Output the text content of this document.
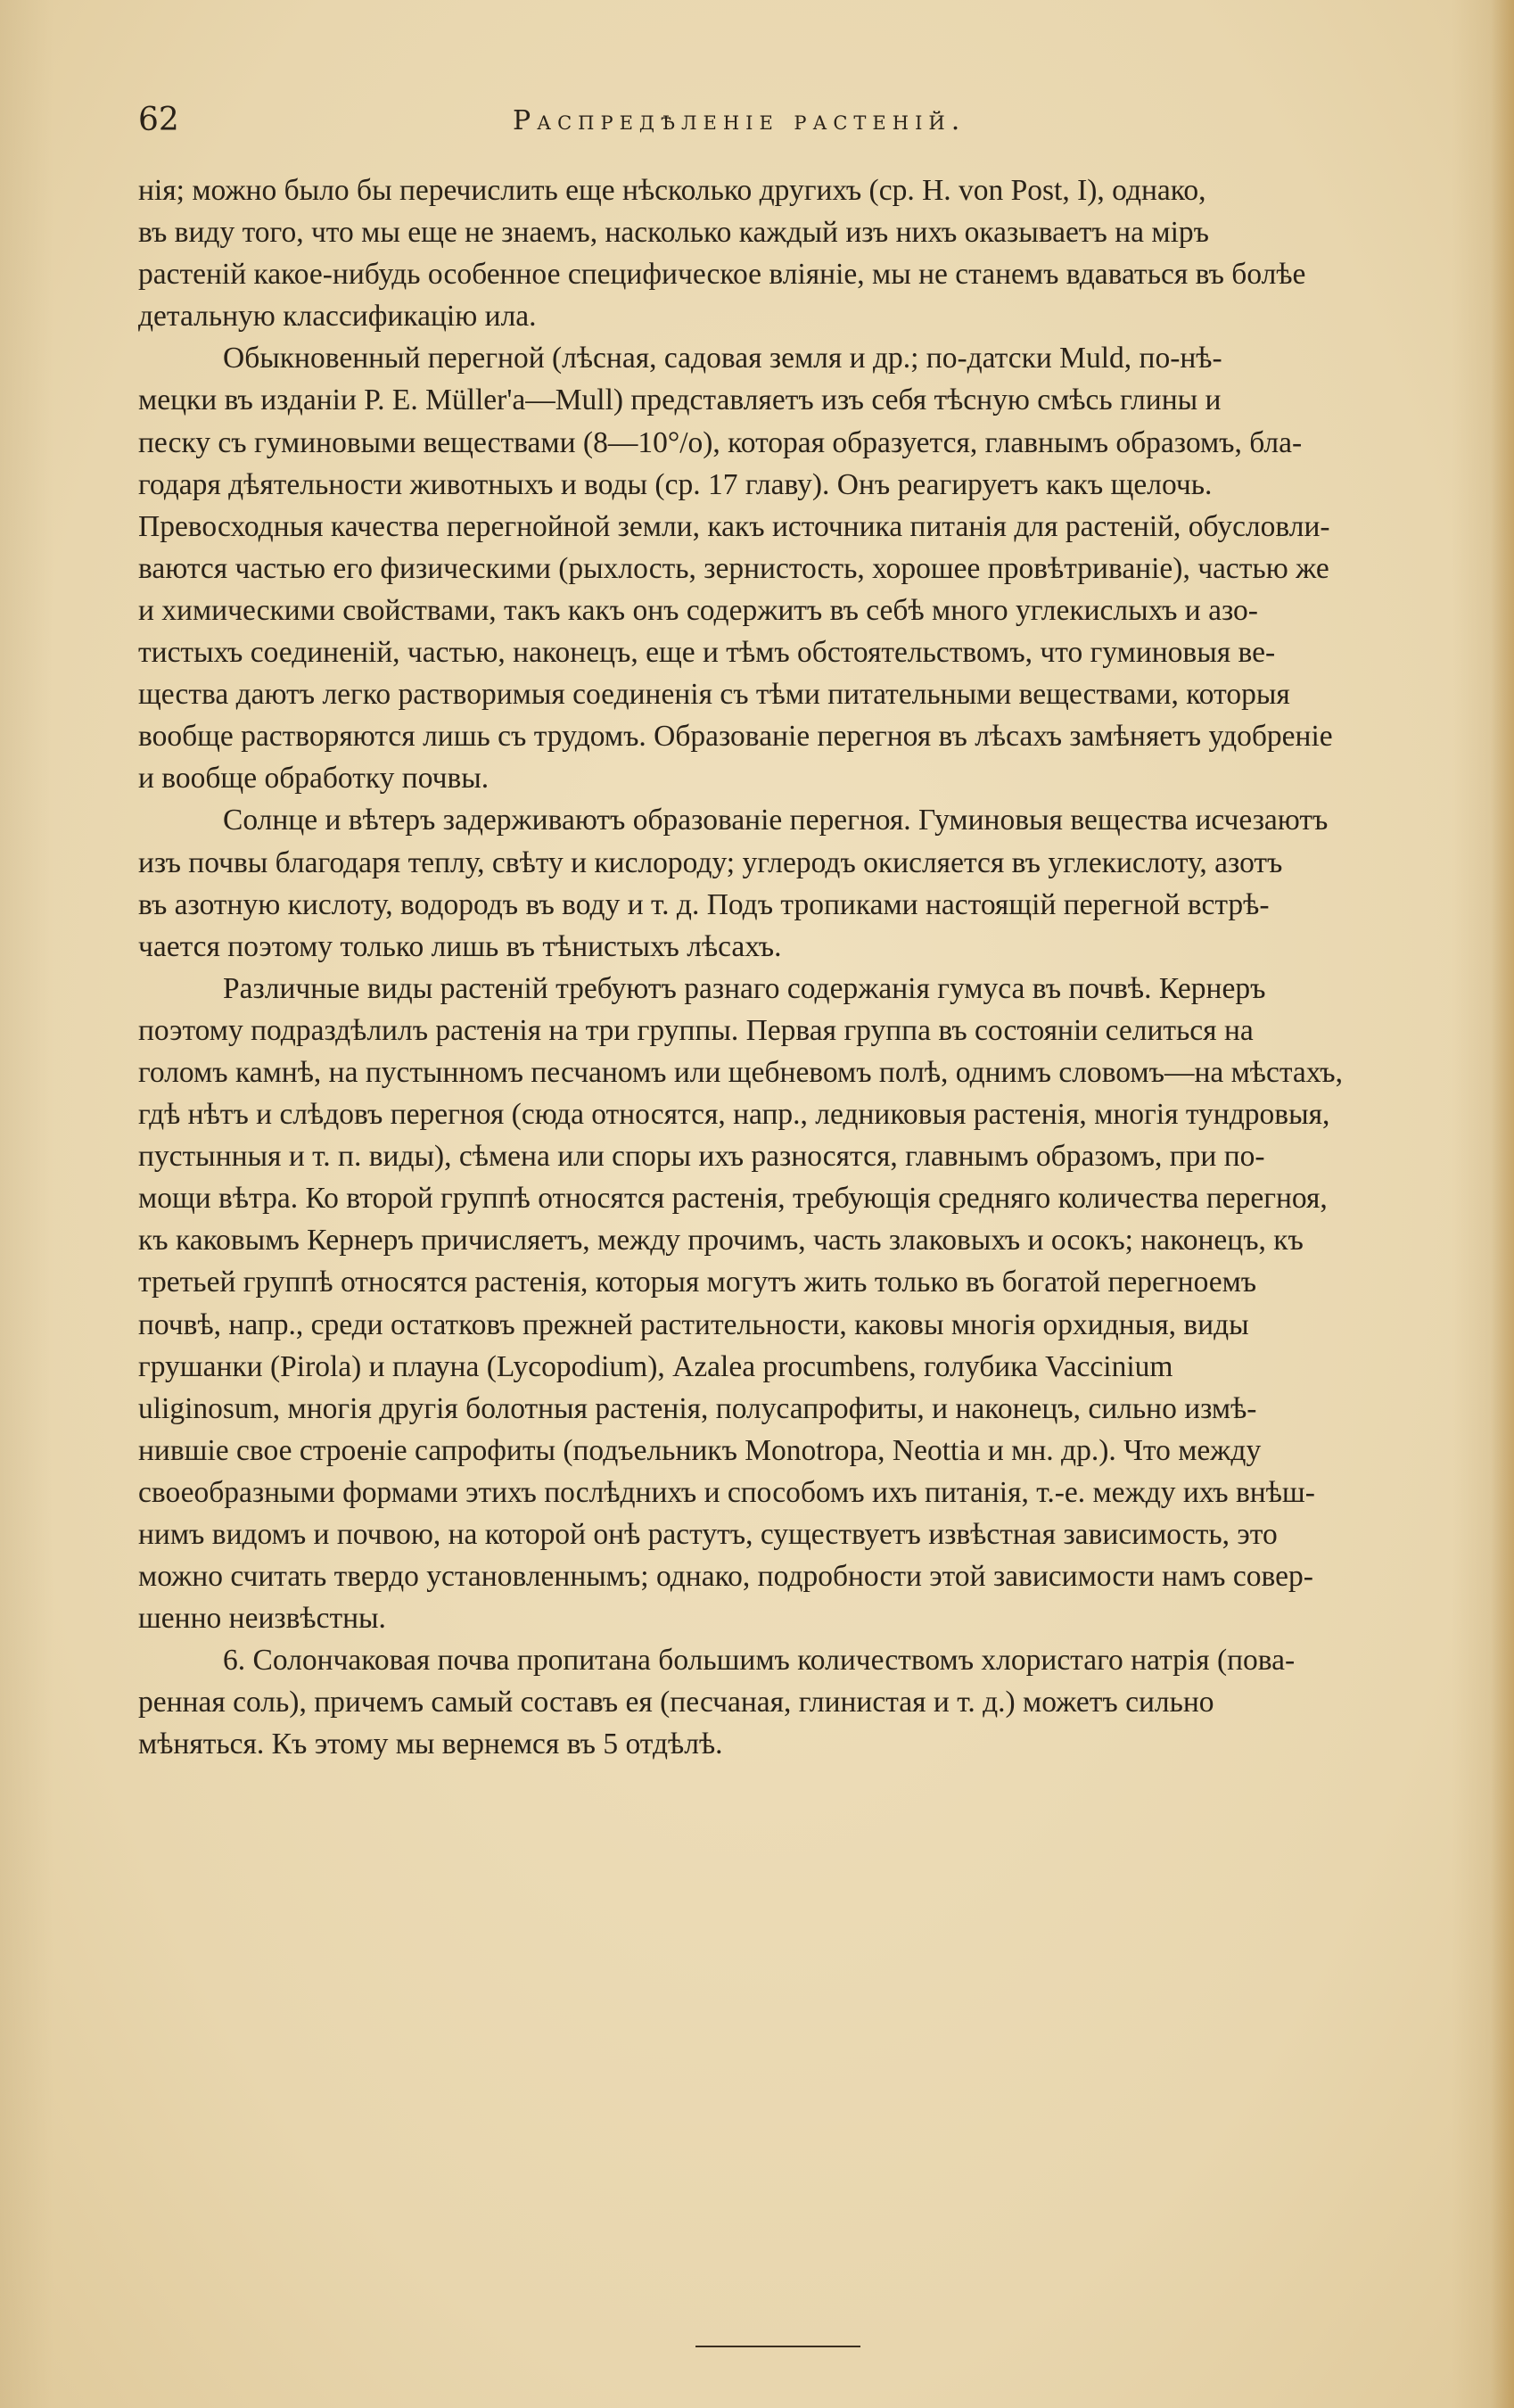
62	Распредѣленіе растеній.

нія; можно было бы перечислить еще нѣсколько другихъ (ср. H. von Post, I), однако,
въ виду того, что мы еще не знаемъ, насколько каждый изъ нихъ оказываетъ на міръ
растеній какое-нибудь особенное специфическое вліяніе, мы не станемъ вдаваться въ болѣе
детальную классификацію ила.

Обыкновенный перегной (лѣсная, садовая земля и др.; по-датски Muld, по-нѣ-
мецки въ изданіи P. E. Müller'а—Mull) представляетъ изъ себя тѣсную смѣсь глины и
песку съ гуминовыми веществами (8—10°/o), которая образуется, главнымъ образомъ, бла-
годаря дѣятельности животныхъ и воды (ср. 17 главу). Онъ реагируетъ какъ щелочь.
Превосходныя качества перегнойной земли, какъ источника питанія для растеній, обусловли-
ваются частью его физическими (рыхлость, зернистость, хорошее провѣтриваніе), частью же
и химическими свойствами, такъ какъ онъ содержитъ въ себѣ много углекислыхъ и азо-
тистыхъ соединеній, частью, наконецъ, еще и тѣмъ обстоятельствомъ, что гуминовыя ве-
щества даютъ легко растворимыя соединенія съ тѣми питательными веществами, которыя
вообще растворяются лишь съ трудомъ. Образованіе перегноя въ лѣсахъ замѣняетъ удобреніе
и вообще обработку почвы.

Солнце и вѣтеръ задерживаютъ образованіе перегноя. Гуминовыя вещества исчезаютъ
изъ почвы благодаря теплу, свѣту и кислороду; углеродъ окисляется въ углекислоту, азотъ
въ азотную кислоту, водородъ въ воду и т. д. Подъ тропиками настоящій перегной встрѣ-
чается поэтому только лишь въ тѣнистыхъ лѣсахъ.

Различные виды растеній требуютъ разнаго содержанія гумуса въ почвѣ. Кернеръ
поэтому подраздѣлилъ растенія на три группы. Первая группа въ состояніи селиться на
голомъ камнѣ, на пустынномъ песчаномъ или щебневомъ полѣ, однимъ словомъ—на мѣстахъ,
гдѣ нѣтъ и слѣдовъ перегноя (сюда относятся, напр., ледниковыя растенія, многія тундровыя,
пустынныя и т. п. виды), сѣмена или споры ихъ разносятся, главнымъ образомъ, при по-
мощи вѣтра. Ко второй группѣ относятся растенія, требующія средняго количества перегноя,
къ каковымъ Кернеръ причисляетъ, между прочимъ, часть злаковыхъ и осокъ; наконецъ, къ
третьей группѣ относятся растенія, которыя могутъ жить только въ богатой перегноемъ
почвѣ, напр., среди остатковъ прежней растительности, каковы многія орхидныя, виды
грушанки (Pirola) и плауна (Lycopodium), Azalea procumbens, голубика Vaccinium
uliginosum, многія другія болотныя растенія, полусапрофиты, и наконецъ, сильно измѣ-
нившіе свое строеніе сапрофиты (подъельникъ Monotropa, Neottia и мн. др.). Что между
своеобразными формами этихъ послѣднихъ и способомъ ихъ питанія, т.-е. между ихъ внѣш-
нимъ видомъ и почвою, на которой онѣ растутъ, существуетъ извѣстная зависимость, это
можно считать твердо установленнымъ; однако, подробности этой зависимости намъ совер-
шенно неизвѣстны.

6. Солончаковая почва пропитана большимъ количествомъ хлористаго натрія (пова-
ренная соль), причемъ самый составъ ея (песчаная, глинистая и т. д.) можетъ сильно
мѣняться. Къ этому мы вернемся въ 5 отдѣлѣ.
